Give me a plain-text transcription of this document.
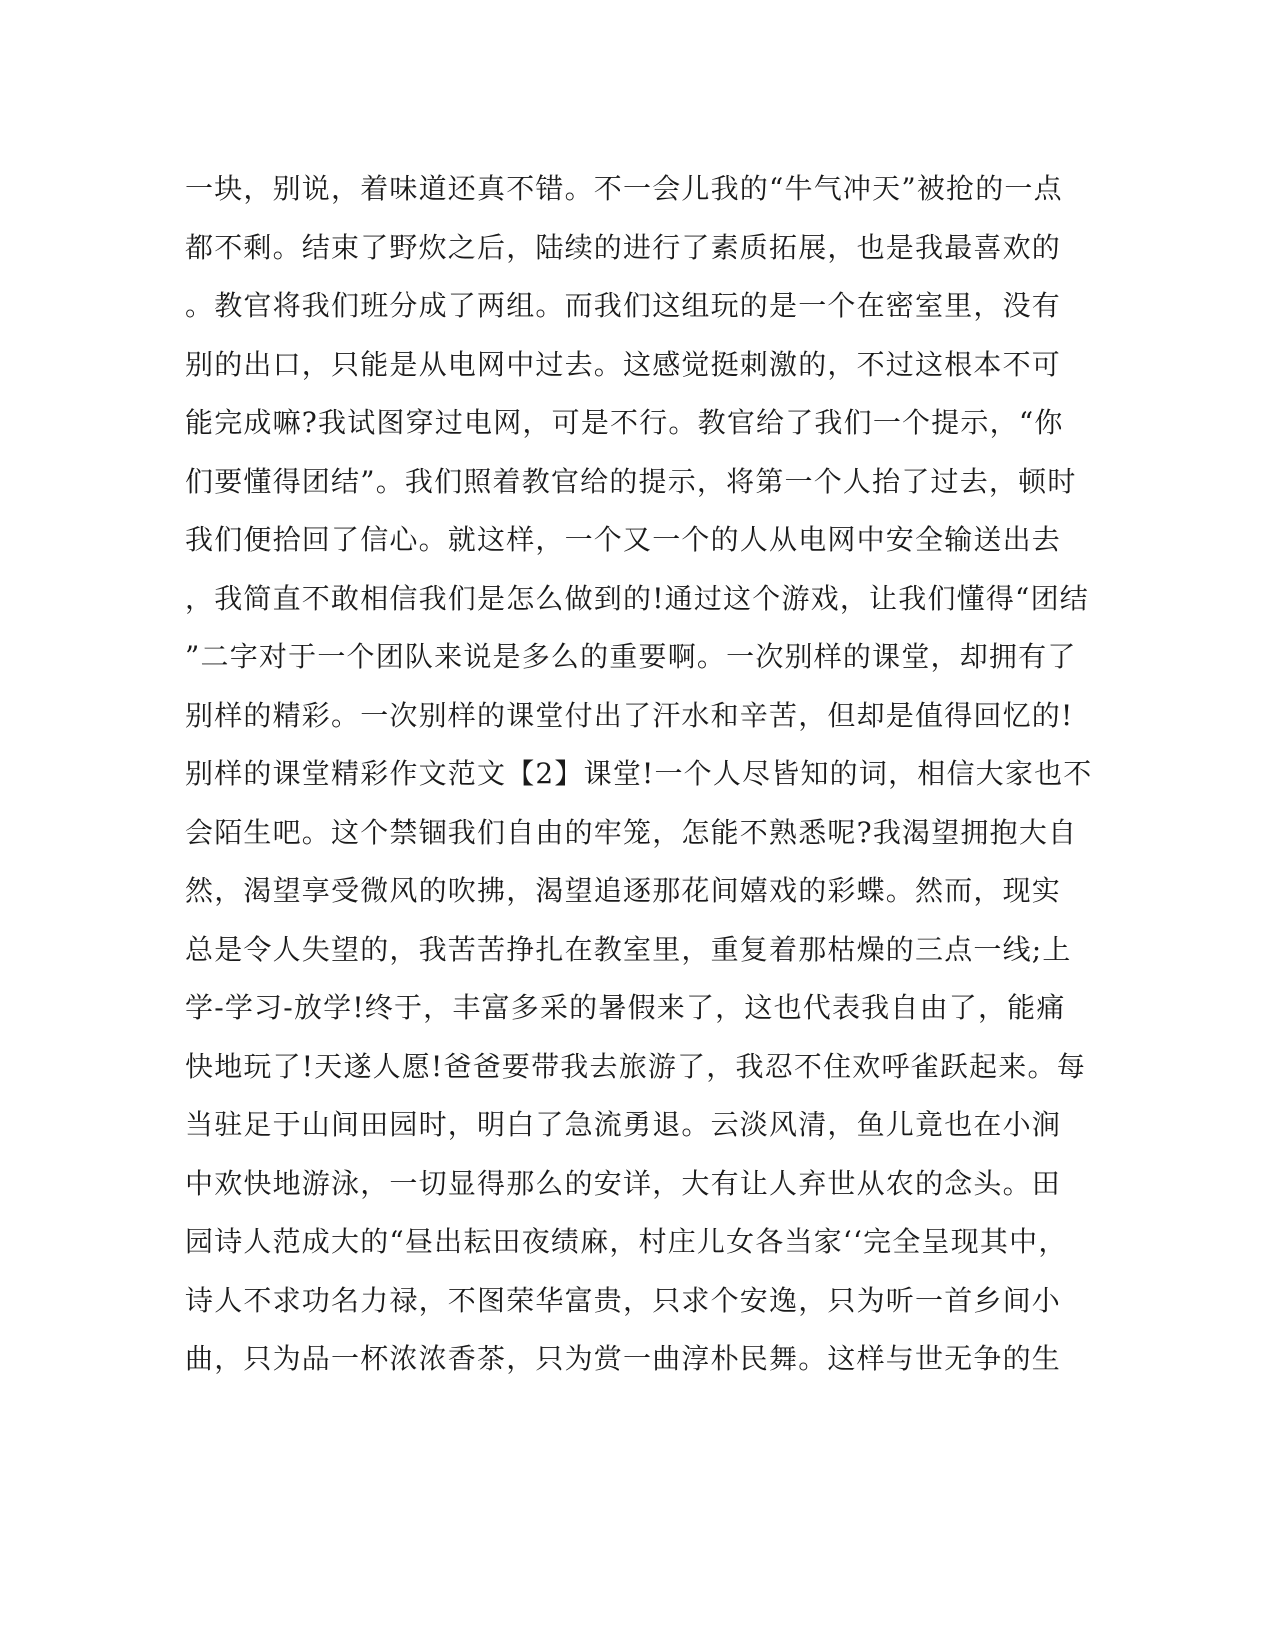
一块，别说，着味道还真不错。不一会儿我的“牛气冲天”被抢的一点
都不剩。结束了野炊之后，陆续的进行了素质拓展，也是我最喜欢的
。教官将我们班分成了两组。而我们这组玩的是一个在密室里，没有
别的出口，只能是从电网中过去。这感觉挺刺激的，不过这根本不可
能完成嘛?我试图穿过电网，可是不行。教官给了我们一个提示，“你
们要懂得团结”。我们照着教官给的提示，将第一个人抬了过去，顿时
我们便拾回了信心。就这样，一个又一个的人从电网中安全输送出去
，我简直不敢相信我们是怎么做到的!通过这个游戏，让我们懂得“团结
”二字对于一个团队来说是多么的重要啊。一次别样的课堂，却拥有了
别样的精彩。一次别样的课堂付出了汗水和辛苦，但却是值得回忆的!
别样的课堂精彩作文范文【2】课堂!一个人尽皆知的词，相信大家也不
会陌生吧。这个禁锢我们自由的牢笼，怎能不熟悉呢?我渴望拥抱大自
然，渴望享受微风的吹拂，渴望追逐那花间嬉戏的彩蝶。然而，现实
总是令人失望的，我苦苦挣扎在教室里，重复着那枯燥的三点一线;上
学-学习-放学!终于，丰富多采的暑假来了，这也代表我自由了，能痛
快地玩了!天遂人愿!爸爸要带我去旅游了，我忍不住欢呼雀跃起来。每
当驻足于山间田园时，明白了急流勇退。云淡风清，鱼儿竟也在小涧
中欢快地游泳，一切显得那么的安详，大有让人弃世从农的念头。田
园诗人范成大的“昼出耘田夜绩麻，村庄儿女各当家‘‘完全呈现其中，
诗人不求功名力禄，不图荣华富贵，只求个安逸，只为听一首乡间小
曲，只为品一杯浓浓香茶，只为赏一曲淳朴民舞。这样与世无争的生
